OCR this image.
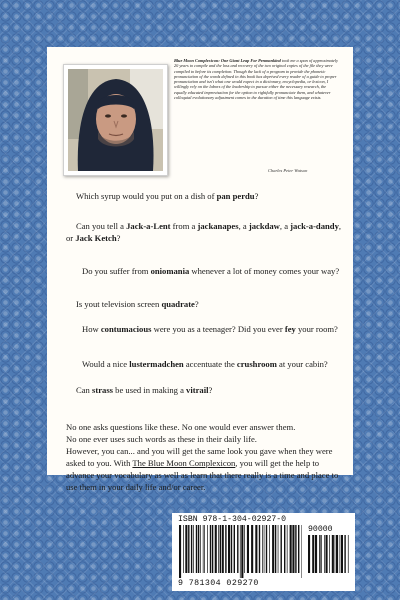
Blue Moon Complexicon: One Giant Leap For Penmankind took me a span of approximately 20 years to compile and the loss and recovery of the two original copies of the file they were compiled to before its completion. Though the lack of a program to provide the phonetic pronunciation of the words defined in this book has deprived every reader of a guide to proper pronunciation and isn't what one would expect in a dictionary, encyclopedia, or lexicon, I willingly rely on the labors of the leadership to pursue either the necessary research, the equally educated improvisation for the option to rightfully pronunciate them, and whatever colloquial evolutionary adjustment comes in the duration of time this language exists.
Charles Peter Watson
Which syrup would you put on a dish of pan perdu?
Can you tell a Jack-a-Lent from a jackanapes, a jackdaw, a jack-a-dandy, or Jack Ketch?
Do you suffer from oniomania whenever a lot of money comes your way?
Is yout television screen quadrate?
How contumacious were you as a teenager? Did you ever fey your room?
Would a nice lustermadchen accentuate the crushroom at your cabin?
Can strass be used in making a vitrail?

No one asks questions like these. No one would ever answer them.

No one ever uses such words as these in their daily life.

However, you can... and you will get the same look you gave when they were asked to you. With The Blue Moon Complexicon, you will get the help to advance your vocabulary as well as learn that there really is a time and place to use them in your daily life and/or career.

ISBN 978-1-304-02927-0
90000
9 781304 029270
